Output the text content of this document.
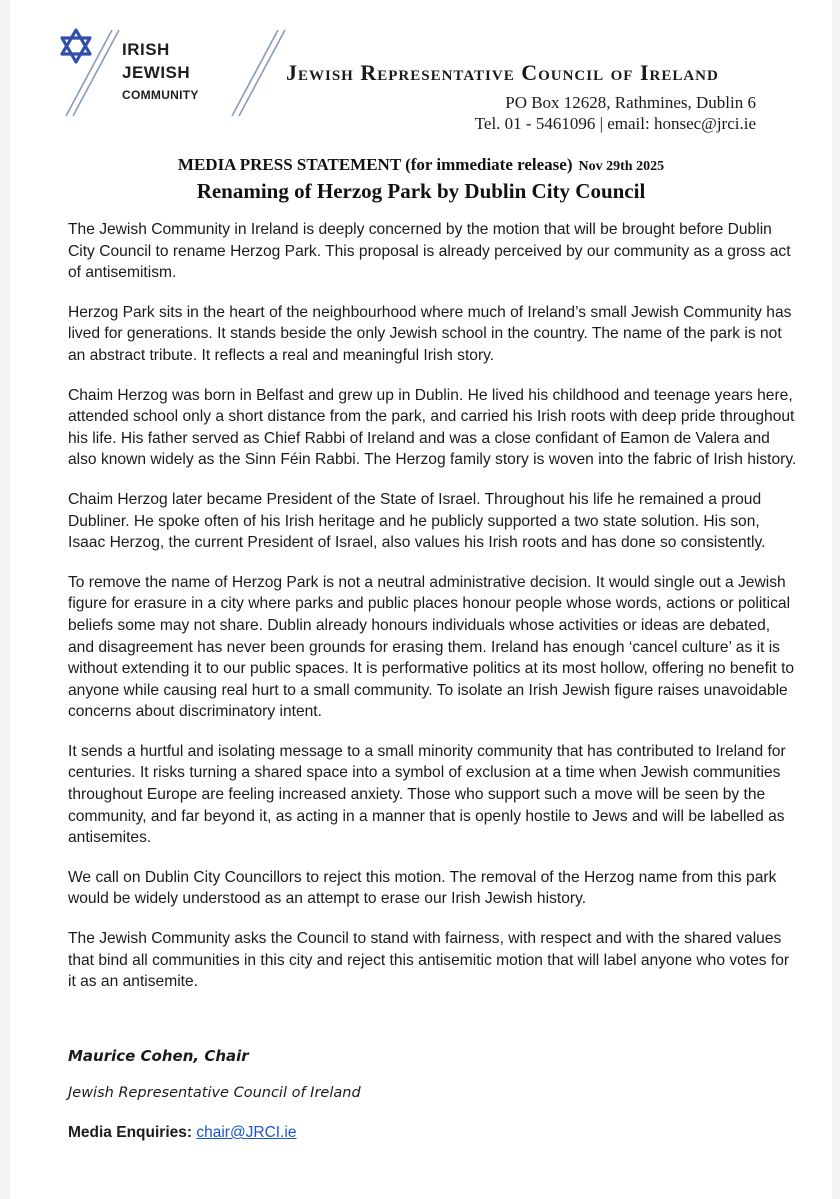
IRISH
JEWISH
COMMUNITY
Jewish Representative Council of Ireland
PO Box 12628, Rathmines, Dublin 6
Tel. 01 - 5461096 | email: honsec@jrci.ie
MEDIA PRESS STATEMENT (for immediate release) Nov 29th 2025
Renaming of Herzog Park by Dublin City Council

The Jewish Community in Ireland is deeply concerned by the motion that will be brought before Dublin City Council to rename Herzog Park. This proposal is already perceived by our community as a gross act of antisemitism.

Herzog Park sits in the heart of the neighbourhood where much of Ireland’s small Jewish Community has lived for generations. It stands beside the only Jewish school in the country. The name of the park is not an abstract tribute. It reflects a real and meaningful Irish story.

Chaim Herzog was born in Belfast and grew up in Dublin. He lived his childhood and teenage years here, attended school only a short distance from the park, and carried his Irish roots with deep pride throughout his life. His father served as Chief Rabbi of Ireland and was a close confidant of Eamon de Valera and also known widely as the Sinn Féin Rabbi. The Herzog family story is woven into the fabric of Irish history.

Chaim Herzog later became President of the State of Israel. Throughout his life he remained a proud Dubliner. He spoke often of his Irish heritage and he publicly supported a two state solution. His son, Isaac Herzog, the current President of Israel, also values his Irish roots and has done so consistently.

To remove the name of Herzog Park is not a neutral administrative decision. It would single out a Jewish figure for erasure in a city where parks and public places honour people whose words, actions or political beliefs some may not share. Dublin already honours individuals whose activities or ideas are debated, and disagreement has never been grounds for erasing them. Ireland has enough ‘cancel culture’ as it is without extending it to our public spaces. It is performative politics at its most hollow, offering no benefit to anyone while causing real hurt to a small community. To isolate an Irish Jewish figure raises unavoidable concerns about discriminatory intent.

It sends a hurtful and isolating message to a small minority community that has contributed to Ireland for centuries. It risks turning a shared space into a symbol of exclusion at a time when Jewish communities throughout Europe are feeling increased anxiety. Those who support such a move will be seen by the community, and far beyond it, as acting in a manner that is openly hostile to Jews and will be labelled as antisemites.

We call on Dublin City Councillors to reject this motion. The removal of the Herzog name from this park would be widely understood as an attempt to erase our Irish Jewish history.

The Jewish Community asks the Council to stand with fairness, with respect and with the shared values that bind all communities in this city and reject this antisemitic motion that will label anyone who votes for it as an antisemite.

Maurice Cohen, Chair
Jewish Representative Council of Ireland
Media Enquiries: chair@JRCI.ie
